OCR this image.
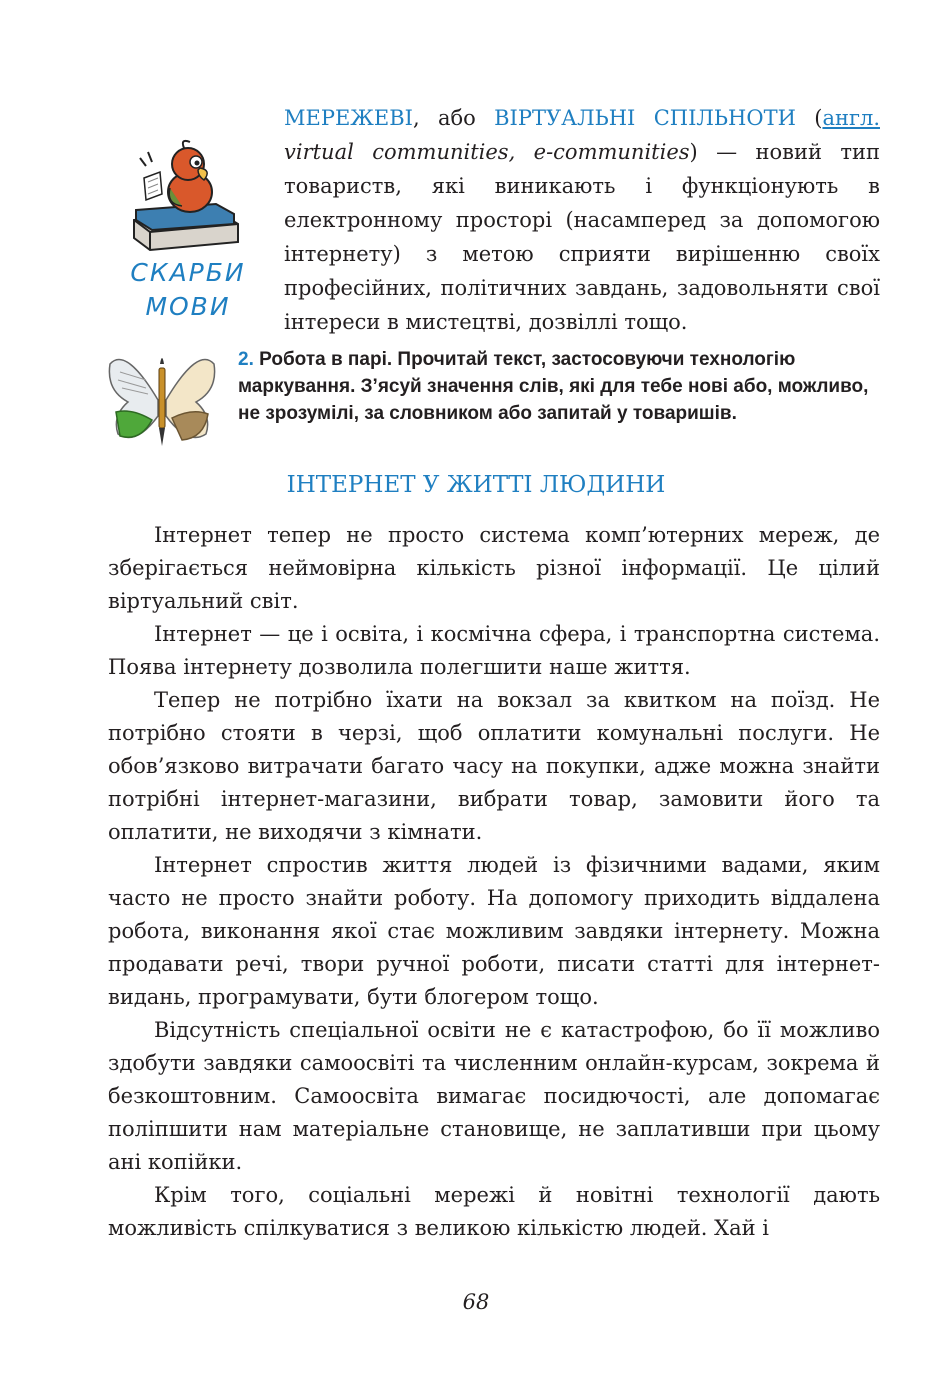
СКАРБИ
МОВИ
МЕРЕЖЕВІ, або ВІРТУАЛЬНІ СПІЛЬНОТИ (англ. virtual communities, e-communities) — новий тип товариств, які виникають і функціонують в електронному просторі (насамперед за допомогою інтернету) з метою сприяти вирішенню своїх професійних, політичних завдань, задовольняти свої інтереси в мистецтві, дозвіллі тощо.
2. Робота в парі. Прочитай текст, застосовуючи технологію маркування. З’ясуй значення слів, які для тебе нові або, можливо, не зрозумілі, за словником або запитай у товаришів.
ІНТЕРНЕТ У ЖИТТІ ЛЮДИНИ

Інтернет тепер не просто система комп’ютерних мереж, де зберігається неймовірна кількість різної інформації. Це цілий віртуальний світ.

Інтернет — це і освіта, і космічна сфера, і транспортна система. Поява інтернету дозволила полегшити наше життя.

Тепер не потрібно їхати на вокзал за квитком на поїзд. Не потрібно стояти в черзі, щоб оплатити комунальні послуги. Не обов’язково витрачати багато часу на покупки, адже можна знайти потрібні інтернет-магазини, вибрати товар, замовити його та оплатити, не виходячи з кімнати.

Інтернет спростив життя людей із фізичними вадами, яким часто не просто знайти роботу. На допомогу приходить віддалена робота, виконання якої стає можливим завдяки інтернету. Можна продавати речі, твори ручної роботи, писати статті для інтернет-видань, програмувати, бути блогером тощо.

Відсутність спеціальної освіти не є катастрофою, бо її можливо здобути завдяки самоосвіті та численним онлайн-курсам, зокрема й безкоштовним. Самоосвіта вимагає посидючості, але допомагає поліпшити нам матеріальне становище, не заплативши при цьому ані копійки.

Крім того, соціальні мережі й новітні технології дають можливість спілкуватися з великою кількістю людей. Хай і

68
